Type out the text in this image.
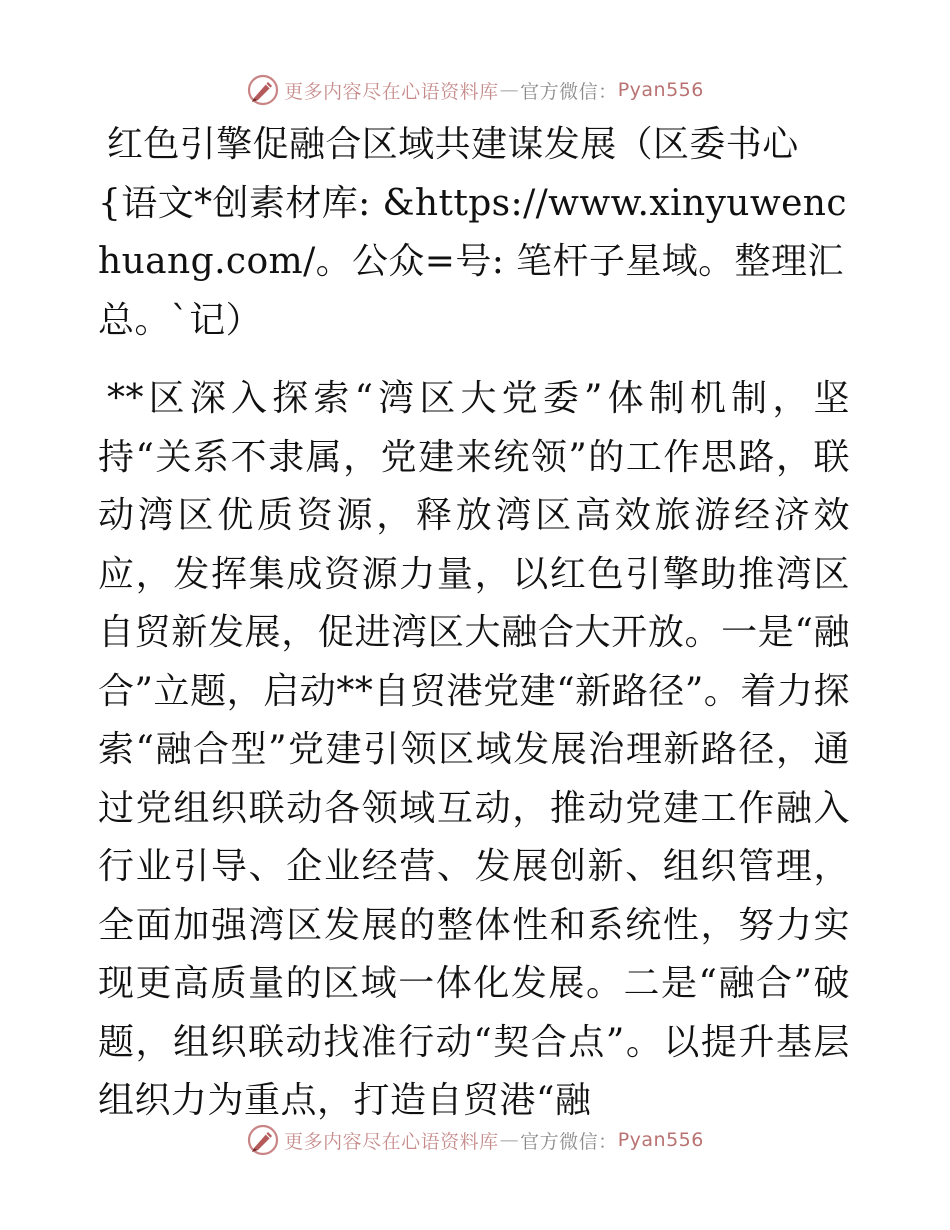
更多内容尽在心语资料库 — 官方微信： Pyan556
红色引擎促融合区域共建谋发展（区委书心{语文*创素材库: &https://www.xinyuwenchuang.com/。公众=号: 笔杆子星域。整理汇总。`记）

**区深入探索“湾区大党委”体制机制，坚持“关系不隶属，党建来统领”的工作思路，联动湾区优质资源，释放湾区高效旅游经济效应，发挥集成资源力量，以红色引擎助推湾区自贸新发展，促进湾区大融合大开放。一是“融合”立题，启动**自贸港党建“新路径”。着力探索“融合型”党建引领区域发展治理新路径，通过党组织联动各领域互动，推动党建工作融入行业引导、企业经营、发展创新、组织管理，全面加强湾区发展的整体性和系统性，努力实现更高质量的区域一体化发展。二是“融合”破题，组织联动找准行动“契合点”。以提升基层组织力为重点，打造自贸港“融

更多内容尽在心语资料库 — 官方微信： Pyan556
